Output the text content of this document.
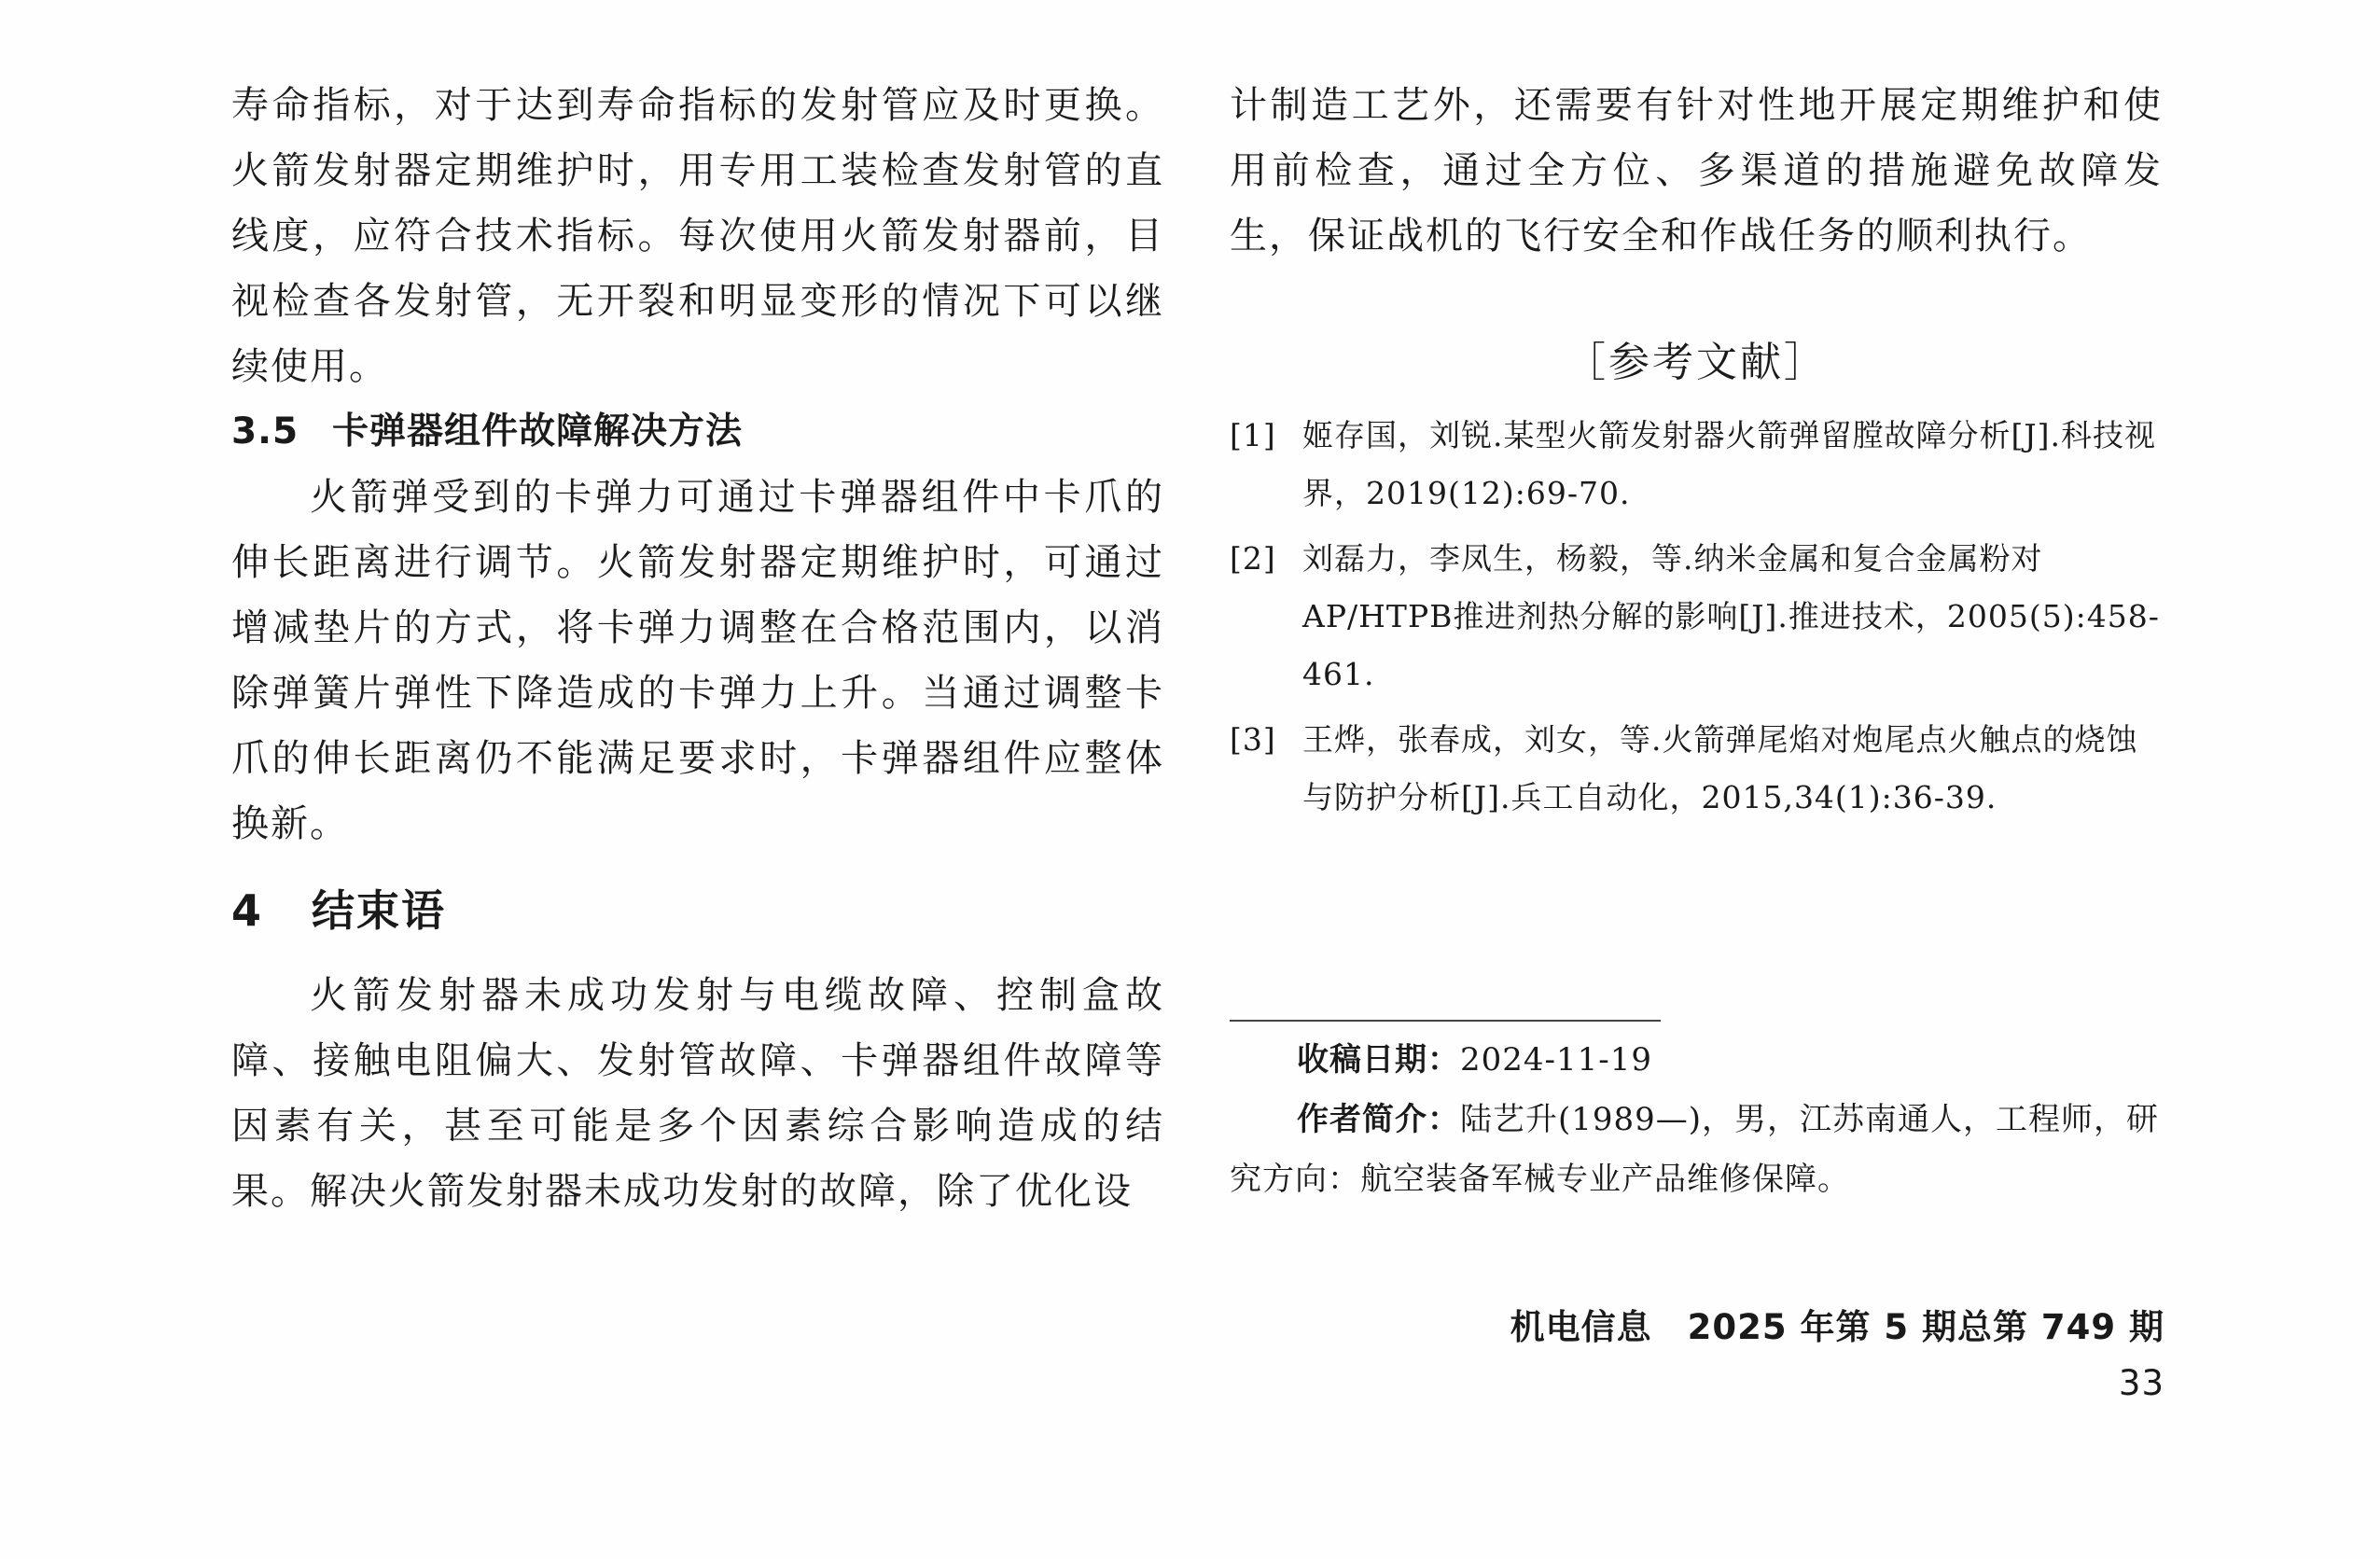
寿命指标，对于达到寿命指标的发射管应及时更换。火箭发射器定期维护时，用专用工装检查发射管的直线度，应符合技术指标。每次使用火箭发射器前，目视检查各发射管，无开裂和明显变形的情况下可以继续使用。

3.5 卡弹器组件故障解决方法

火箭弹受到的卡弹力可通过卡弹器组件中卡爪的伸长距离进行调节。火箭发射器定期维护时，可通过增减垫片的方式，将卡弹力调整在合格范围内，以消除弹簧片弹性下降造成的卡弹力上升。当通过调整卡爪的伸长距离仍不能满足要求时，卡弹器组件应整体换新。

4 结束语

火箭发射器未成功发射与电缆故障、控制盒故障、接触电阻偏大、发射管故障、卡弹器组件故障等因素有关，甚至可能是多个因素综合影响造成的结果。解决火箭发射器未成功发射的故障，除了优化设

计制造工艺外，还需要有针对性地开展定期维护和使用前检查，通过全方位、多渠道的措施避免故障发生，保证战机的飞行安全和作战任务的顺利执行。

［参考文献］
[1] 姬存国，刘锐.某型火箭发射器火箭弹留膛故障分析[J].科技视界，2019(12):69-70.
[2] 刘磊力，李凤生，杨毅，等.纳米金属和复合金属粉对AP/HTPB推进剂热分解的影响[J].推进技术，2005(5):458-461.
[3] 王烨，张春成，刘女，等.火箭弹尾焰对炮尾点火触点的烧蚀与防护分析[J].兵工自动化，2015,34(1):36-39.

收稿日期：2024-11-19

作者简介：陆艺升(1989—)，男，江苏南通人，工程师，研究方向：航空装备军械专业产品维修保障。

机电信息　2025 年第 5 期总第 749 期33
